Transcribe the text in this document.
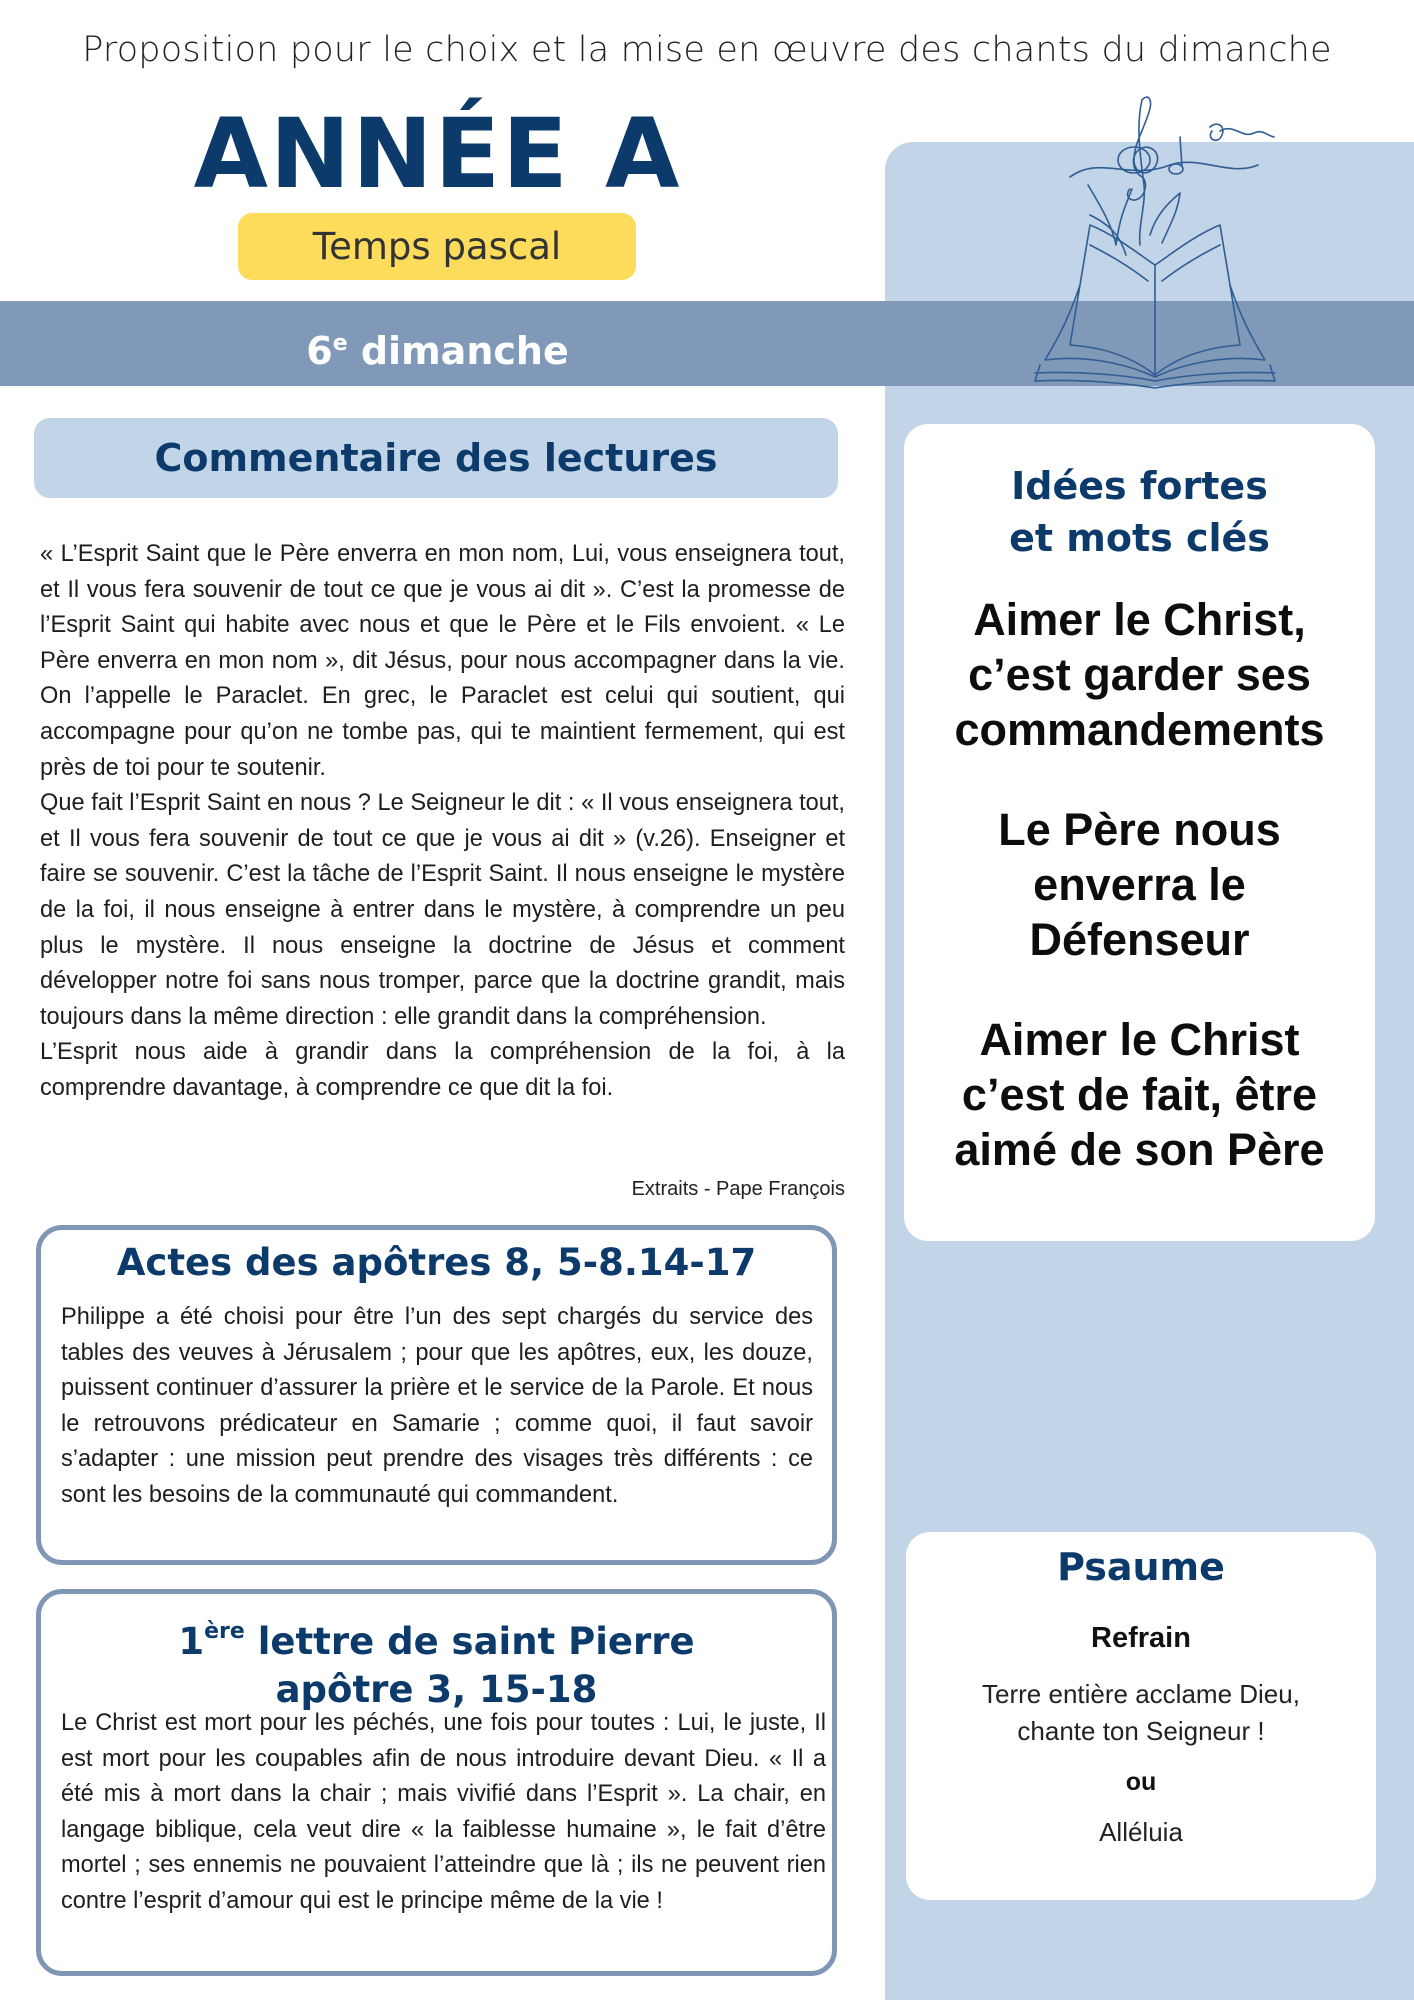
Proposition pour le choix et la mise en œuvre des chants du dimanche
ANNÉE A
Temps pascal
6e dimanche
Commentaire des lectures

« L’Esprit Saint que le Père enverra en mon nom, Lui, vous enseignera tout, et Il vous fera souvenir de tout ce que je vous ai dit ». C’est la promesse de l’Esprit Saint qui habite avec nous et que le Père et le Fils envoient. « Le Père enverra en mon nom », dit Jésus, pour nous accompagner dans la vie. On l’appelle le Paraclet. En grec, le Paraclet est celui qui soutient, qui accompagne pour qu’on ne tombe pas, qui te maintient fermement, qui est près de toi pour te soutenir.

Que fait l’Esprit Saint en nous ? Le Seigneur le dit : « Il vous enseignera tout, et Il vous fera souvenir de tout ce que je vous ai dit » (v.26). Enseigner et faire se souvenir. C’est la tâche de l’Esprit Saint. Il nous enseigne le mystère de la foi, il nous enseigne à entrer dans le mystère, à comprendre un peu plus le mystère. Il nous enseigne la doctrine de Jésus et comment développer notre foi sans nous tromper, parce que la doctrine grandit, mais toujours dans la même direction : elle grandit dans la compréhension.

L’Esprit nous aide à grandir dans la compréhension de la foi, à la comprendre davantage, à comprendre ce que dit la foi.

Extraits - Pape François
Actes des apôtres 8, 5-8.14-17
Philippe a été choisi pour être l’un des sept chargés du service des tables des veuves à Jérusalem ; pour que les apôtres, eux, les douze, puissent continuer d’assurer la prière et le service de la Parole. Et nous le retrouvons prédicateur en Samarie ; comme quoi, il faut savoir s’adapter : une mission peut prendre des visages très différents : ce sont les besoins de la communauté qui commandent.
1ère lettre de saint Pierre
apôtre 3, 15-18
Le Christ est mort pour les péchés, une fois pour toutes : Lui, le juste, Il est mort pour les coupables afin de nous introduire devant Dieu. « Il a été mis à mort dans la chair ; mais vivifié dans l’Esprit ». La chair, en langage biblique, cela veut dire « la faiblesse humaine », le fait d’être mortel ; ses ennemis ne pouvaient l’atteindre que là ; ils ne peuvent rien contre l’esprit d’amour qui est le principe même de la vie !
Idées fortes
et mots clés
Aimer le Christ,
c’est garder ses
commandements
Le Père nous
enverra le
Défenseur
Aimer le Christ
c’est de fait, être
aimé de son Père
Psaume
Refrain
Terre entière acclame Dieu,
chante ton Seigneur !
ou
Alléluia
